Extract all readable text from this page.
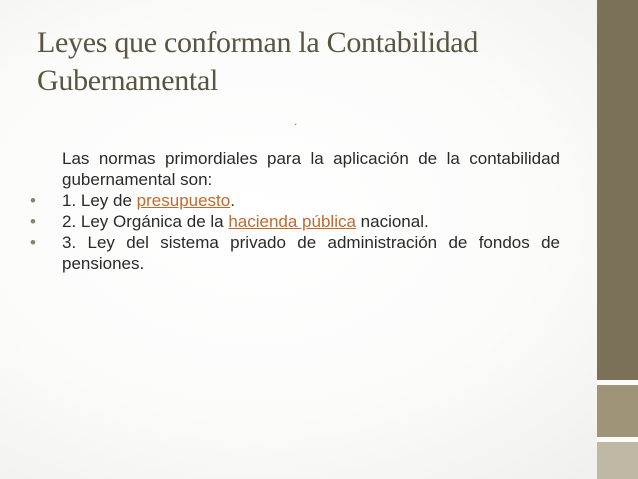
Leyes que conforman la Contabilidad
Gubernamental
.
Las normas primordiales para la aplicación de la contabilidad gubernamental son:
• 1. Ley de presupuesto.
• 2. Ley Orgánica de la hacienda pública nacional.
• 3. Ley del sistema privado de administración de fondos de pensiones.
